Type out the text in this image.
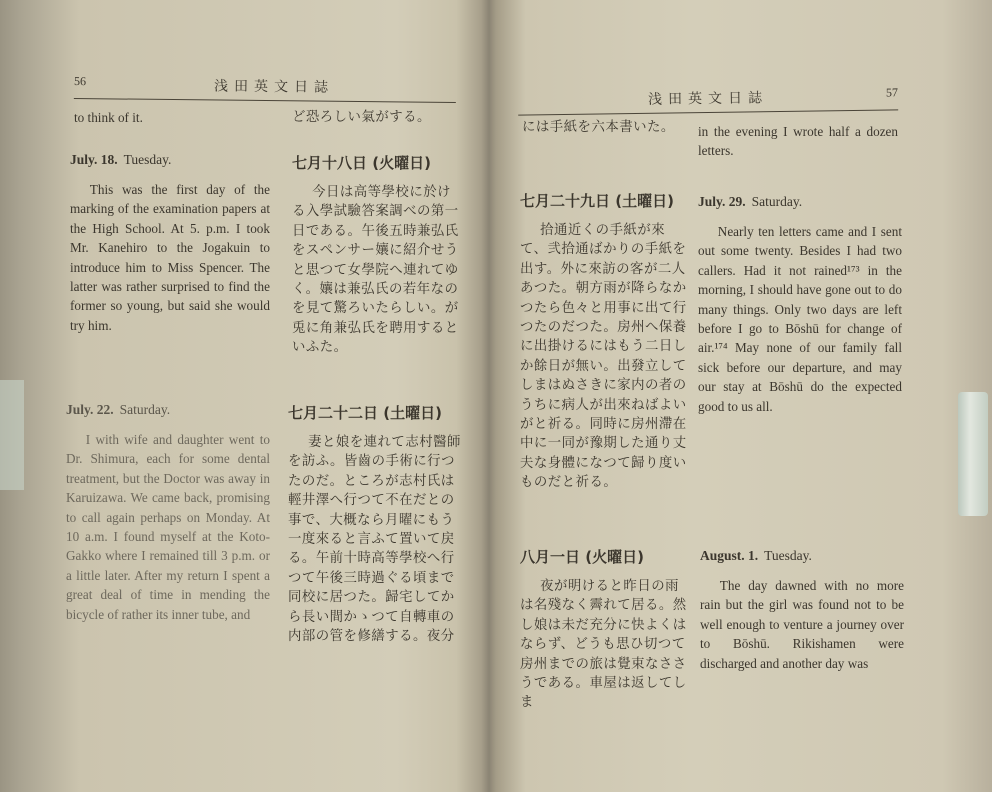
56	浅田英文日誌
to think of it.	ど恐ろしい氣がする。
July. 18. Tuesday.

This was the first day of the marking of the examination papers at the High School. At 5. p.m. I took Mr. Kanehiro to the Jogakuin to introduce him to Miss Spencer. The latter was rather surprised to find the former so young, but said she would try him.

七月十八日 (火曜日)

今日は高等學校に於ける入學試驗答案調べの第一日である。午後五時兼弘氏をスペンサー孃に紹介せうと思つて女學院へ連れてゆく。孃は兼弘氏の若年なのを見て驚ろいたらしい。が兎に角兼弘氏を聘用するといふた。

July. 22. Saturday.

I with wife and daughter went to Dr. Shimura, each for some dental treatment, but the Doctor was away in Karuizawa. We came back, promising to call again perhaps on Monday. At 10 a.m. I found myself at the Koto-Gakko where I remained till 3 p.m. or a little later. After my return I spent a great deal of time in mending the bicycle of rather its inner tube, and

七月二十二日 (土曜日)

妻と娘を連れて志村醫師を訪ふ。皆齒の手術に行つたのだ。ところが志村氏は輕井澤へ行つて不在だとの事で、大概なら月曜にもう一度來ると言ふて置いて戻る。午前十時高等學校へ行つて午後三時過ぐる頃まで同校に居つた。歸宅してから長い間かゝつて自轉車の内部の管を修繕する。夜分

浅田英文日誌	57
には手紙を六本書いた。	in the evening I wrote half a dozen letters.
七月二十九日 (土曜日)

拾通近くの手紙が來て、弐拾通ばかりの手紙を出す。外に來訪の客が二人あつた。朝方雨が降らなかつたら色々と用事に出て行つたのだつた。房州へ保養に出掛けるにはもう二日しか餘日が無い。出發立してしまはぬさきに家内の者のうちに病人が出來ねばよいがと祈る。同時に房州滯在中に一同が豫期した通り丈夫な身體になつて歸り度いものだと祈る。

July. 29. Saturday.

Nearly ten letters came and I sent out some twenty. Besides I had two callers. Had it not rained¹⁷³ in the morning, I should have gone out to do many things. Only two days are left before I go to Bōshū for change of air.¹⁷⁴ May none of our family fall sick before our departure, and may our stay at Bōshū do the expected good to us all.

八月一日 (火曜日)

夜が明けると昨日の雨は名殘なく霽れて居る。然し娘は未だ充分に快よくはならず、どうも思ひ切つて房州までの旅は覺束なささうである。車屋は返してしま

August. 1. Tuesday.

The day dawned with no more rain but the girl was found not to be well enough to venture a journey over to Bōshū. Rikishamen were discharged and another day was
